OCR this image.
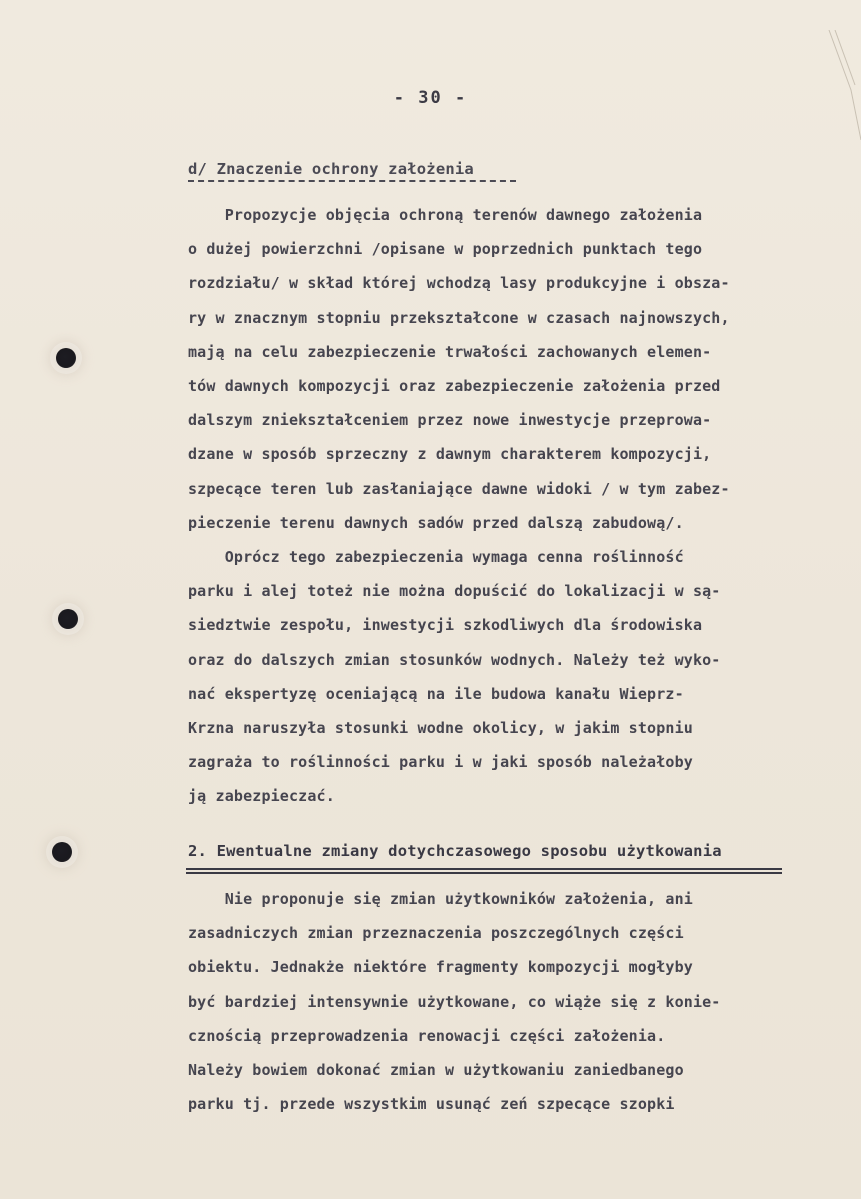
- 30 -
d/ Znaczenie ochrony założenia

Propozycje objęcia ochroną terenów dawnego założenia
o dużej powierzchni /opisane w poprzednich punktach tego
rozdziału/ w skład której wchodzą lasy produkcyjne i obsza-
ry w znacznym stopniu przekształcone w czasach najnowszych,
mają na celu zabezpieczenie trwałości zachowanych elemen-
tów dawnych kompozycji oraz zabezpieczenie założenia przed
dalszym zniekształceniem przez nowe inwestycje przeprowa-
dzane w sposób sprzeczny z dawnym charakterem kompozycji,
szpecące teren lub zasłaniające dawne widoki / w tym zabez-
pieczenie terenu dawnych sadów przed dalszą zabudową/.

Oprócz tego zabezpieczenia wymaga cenna roślinność
parku i alej toteż nie można dopuścić do lokalizacji w są-
siedztwie zespołu, inwestycji szkodliwych dla środowiska
oraz do dalszych zmian stosunków wodnych. Należy też wyko-
nać ekspertyzę oceniającą na ile budowa kanału Wieprz-
Krzna naruszyła stosunki wodne okolicy, w jakim stopniu
zagraża to roślinności parku i w jaki sposób należałoby
ją zabezpieczać.

2. Ewentualne zmiany dotychczasowego sposobu użytkowania

Nie proponuje się zmian użytkowników założenia, ani
zasadniczych zmian przeznaczenia poszczególnych części
obiektu. Jednakże niektóre fragmenty kompozycji mogłyby
być bardziej intensywnie użytkowane, co wiąże się z konie-
cznością przeprowadzenia renowacji części założenia.
Należy bowiem dokonać zmian w użytkowaniu zaniedbanego
parku tj. przede wszystkim usunąć zeń szpecące szopki
